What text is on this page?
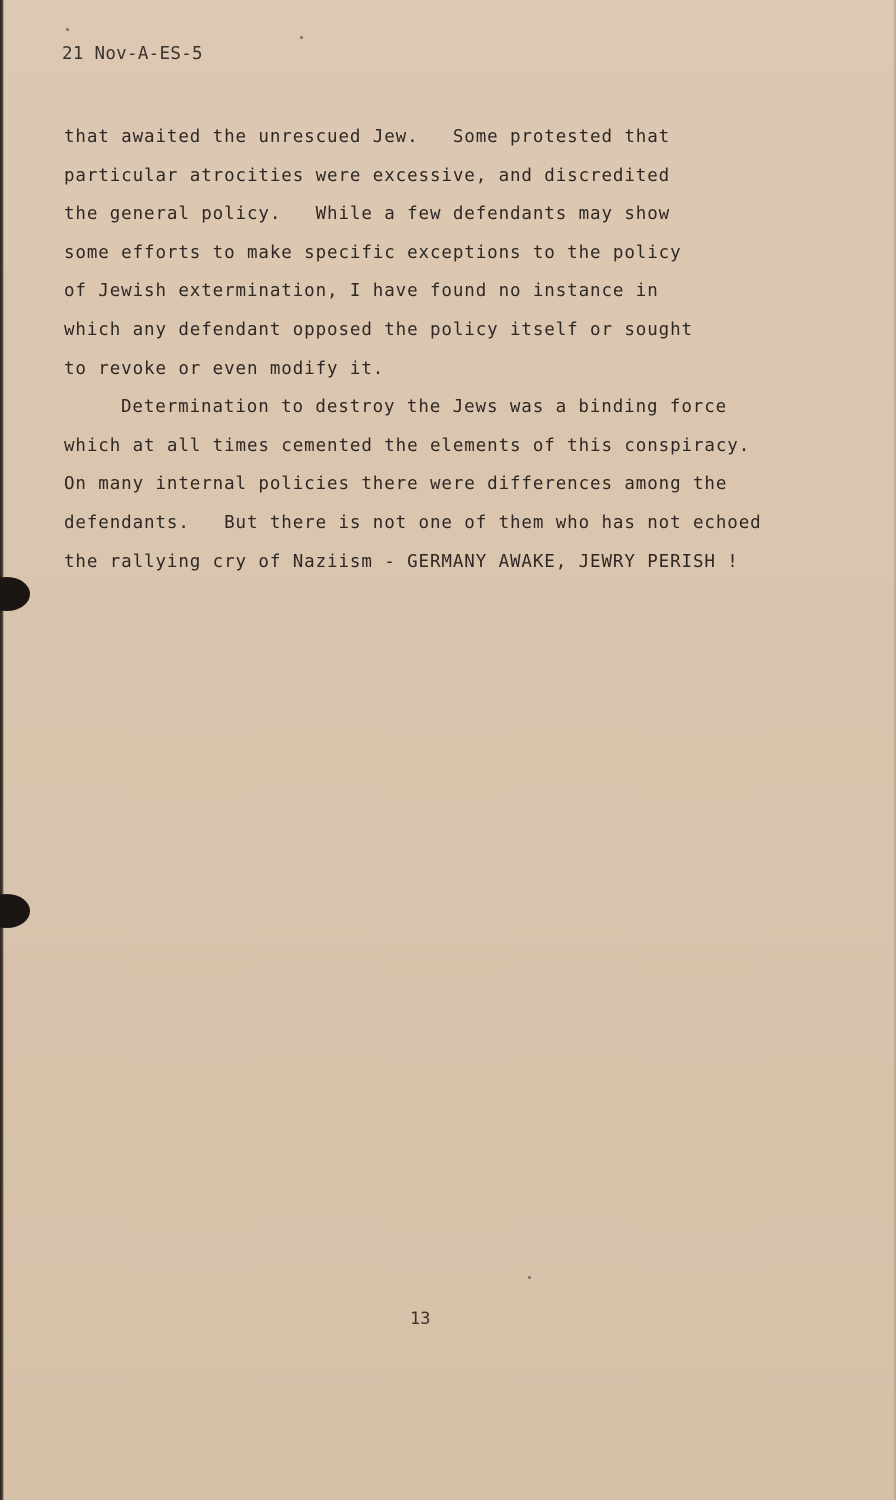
21 Nov-A-ES-5
that awaited the unrescued Jew.   Some protested that
particular atrocities were excessive, and discredited
the general policy.   While a few defendants may show
some efforts to make specific exceptions to the policy
of Jewish extermination, I have found no instance in
which any defendant opposed the policy itself or sought
to revoke or even modify it.
Determination to destroy the Jews was a binding force
which at all times cemented the elements of this conspiracy.
On many internal policies there were differences among the
defendants.   But there is not one of them who has not echoed
the rallying cry of Naziism - GERMANY AWAKE, JEWRY PERISH !
13
